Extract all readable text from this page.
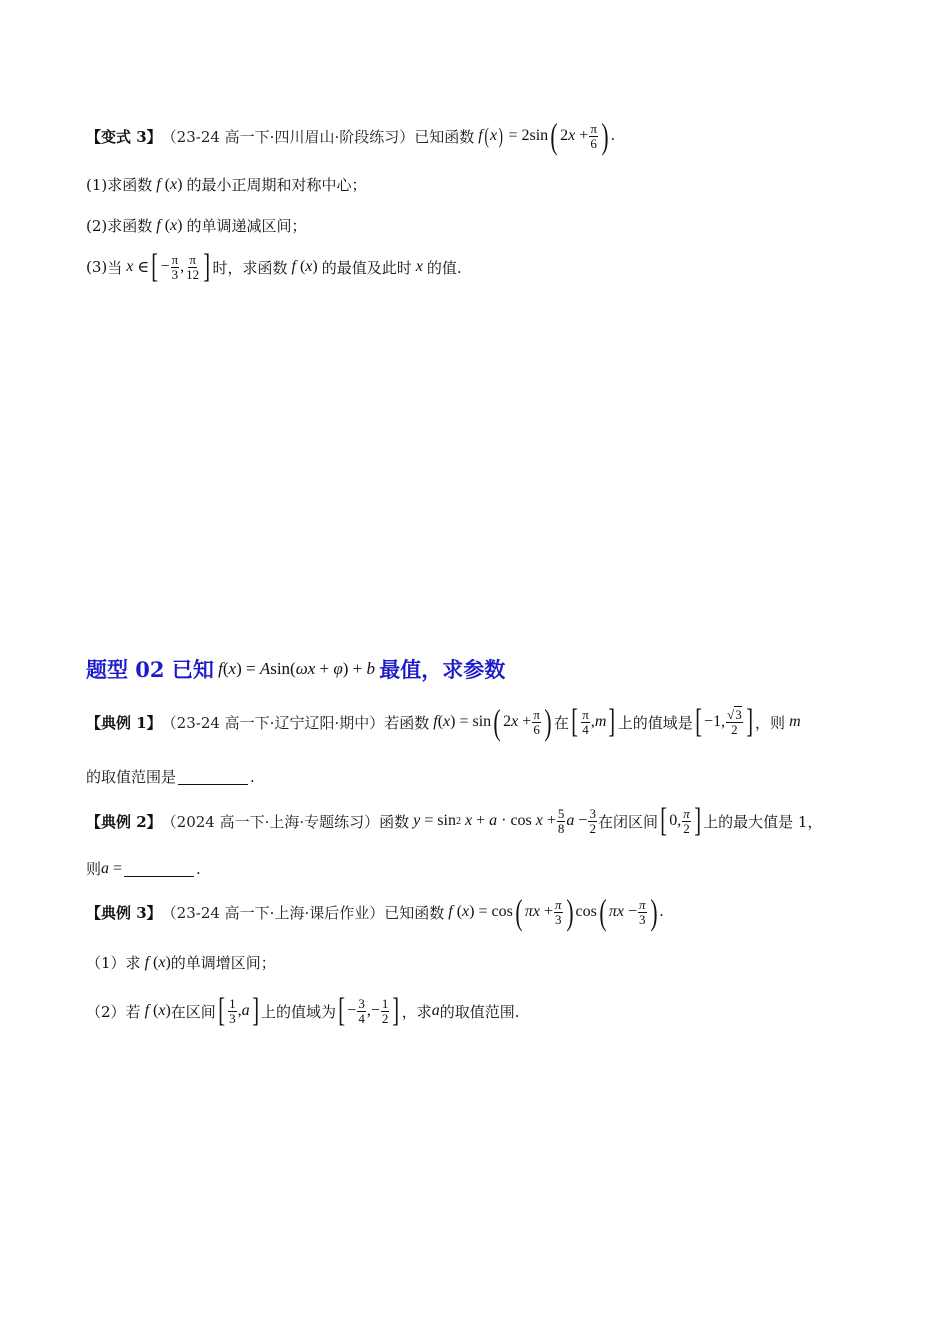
【变式 3】 （23-24 高一下·四川眉山·阶段练习） 已知函数
f ( x ) = 2sin ( 2 $x + \frac{\pi}{6}$ ) .
(1) 求函数
f ( x ) 的最小正周期和对称中心；
(2) 求函数
f ( x ) 的单调递减区间；
(3) 当
x ∈ [ − $\frac{\pi}{3}$ , $\frac{\pi}{12}$ ] 时，求函数
f ( x ) 的最值及此时
x
的值.
题型 02 已知
f ( x ) = A sin( ωx + φ ) + b
最值，求参数
【典例 1】 （23-24 高一下·辽宁辽阳·期中） 若函数
f ( x ) = sin ( 2 $x + \frac{\pi}{6}$ ) 在 [ $\frac{\pi}{4}$ , m ] 上的值域是 [ −1, $\frac{√3}{2}$ ] ，则
m
的取值范围是	.
【典例 2】 （2024 高一下·上海·专题练习） 函数
y = sin 2
$x + a \cdot \cos x + \frac{5}{8}$ $a - \frac{3}{2}$ 在闭区间 [ 0, $\frac{\pi}{2}$ ] 上的最大值是 1，
则 a =	.
【典例 3】 （23-24 高一下·上海·课后作业） 已知函数
f ( x ) = cos ( $\pi x + \frac{\pi}{3}$ ) cos ( $\pi x - \frac{\pi}{3}$ ) .
（1） 求
f ( x ) 的单调增区间；
（2） 若
f ( x ) 在区间 [ $\frac{1}{3}$ , a ] 上的值域为 [ − $\frac{3}{4}$ ,− $\frac{1}{2}$ ] ，求 a 的取值范围.
